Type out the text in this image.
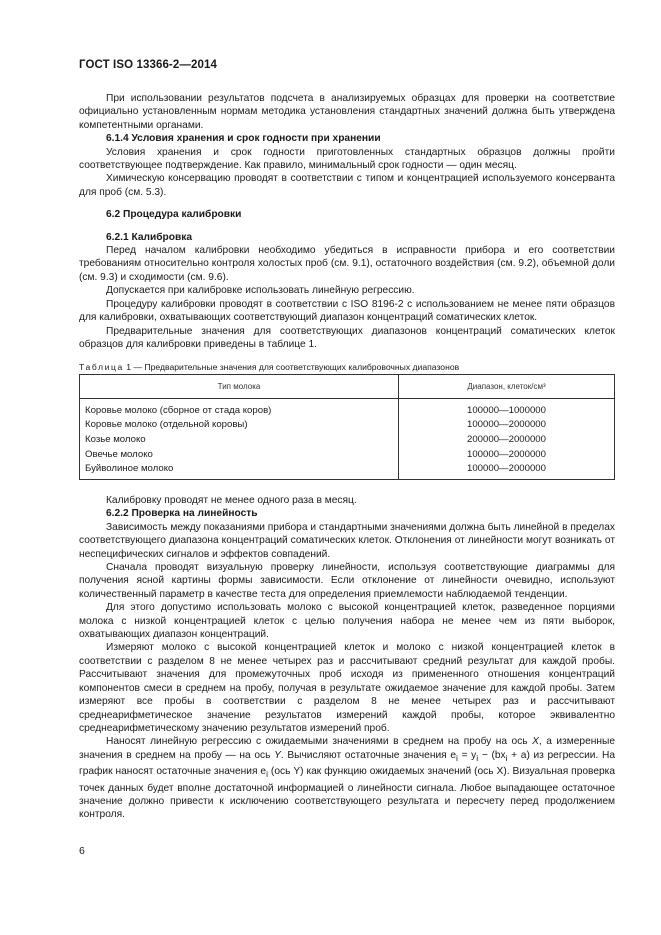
ГОСТ ISO 13366-2—2014

При использовании результатов подсчета в анализируемых образцах для проверки на соответствие официально установленным нормам методика установления стандартных значений должна быть утверждена компетентными органами.

6.1.4 Условия хранения и срок годности при хранении

Условия хранения и срок годности приготовленных стандартных образцов должны пройти соответствующее подтверждение. Как правило, минимальный срок годности — один месяц.

Химическую консервацию проводят в соответствии с типом и концентрацией используемого консерванта для проб (см. 5.3).

6.2 Процедура калибровки

6.2.1 Калибровка

Перед началом калибровки необходимо убедиться в исправности прибора и его соответствии требованиям относительно контроля холостых проб (см. 9.1), остаточного воздействия (см. 9.2), объемной доли (см. 9.3) и сходимости (см. 9.6).

Допускается при калибровке использовать линейную регрессию.

Процедуру калибровки проводят в соответствии с ISO 8196-2 с использованием не менее пяти образцов для калибровки, охватывающих соответствующий диапазон концентраций соматических клеток.

Предварительные значения для соответствующих диапазонов концентраций соматических клеток образцов для калибровки приведены в таблице 1.

Таблица 1 — Предварительные значения для соответствующих калибровочных диапазонов
Тип молока	Диапазон, клеток/см³
Коровье молоко (сборное от стада коров)	100000—1000000
Коровье молоко (отдельной коровы)	100000—2000000
Козье молоко	200000—2000000
Овечье молоко	100000—2000000
Буйволиное молоко	100000—2000000

Калибровку проводят не менее одного раза в месяц.

6.2.2 Проверка на линейность

Зависимость между показаниями прибора и стандартными значениями должна быть линейной в пределах соответствующего диапазона концентраций соматических клеток. Отклонения от линейности могут возникать от неспецифических сигналов и эффектов совпадений.

Сначала проводят визуальную проверку линейности, используя соответствующие диаграммы для получения ясной картины формы зависимости. Если отклонение от линейности очевидно, используют количественный параметр в качестве теста для определения приемлемости наблюдаемой тенденции.

Для этого допустимо использовать молоко с высокой концентрацией клеток, разведенное порциями молока с низкой концентрацией клеток с целью получения набора не менее чем из пяти выборок, охватывающих диапазон концентраций.

Измеряют молоко с высокой концентрацией клеток и молоко с низкой концентрацией клеток в соответствии с разделом 8 не менее четырех раз и рассчитывают средний результат для каждой пробы. Рассчитывают значения для промежуточных проб исходя из примененного отношения концентраций компонентов смеси в среднем на пробу, получая в результате ожидаемое значение для каждой пробы. Затем измеряют все пробы в соответствии с разделом 8 не менее четырех раз и рассчитывают среднеарифметическое значение результатов измерений каждой пробы, которое эквивалентно среднеарифметическому значению результатов измерений проб.

Наносят линейную регрессию с ожидаемыми значениями в среднем на пробу на ось X, а измеренные значения в среднем на пробу — на ось Y. Вычисляют остаточные значения $e_i = y_i - (bx_i + a)$ из регрессии. На график наносят остаточные значения $e_i$ (ось Y) как функцию ожидаемых значений (ось X). Визуальная проверка точек данных будет вполне достаточной информацией о линейности сигнала. Любое выпадающее остаточное значение должно привести к исключению соответствующего результата и пересчету перед продолжением контроля.

6
